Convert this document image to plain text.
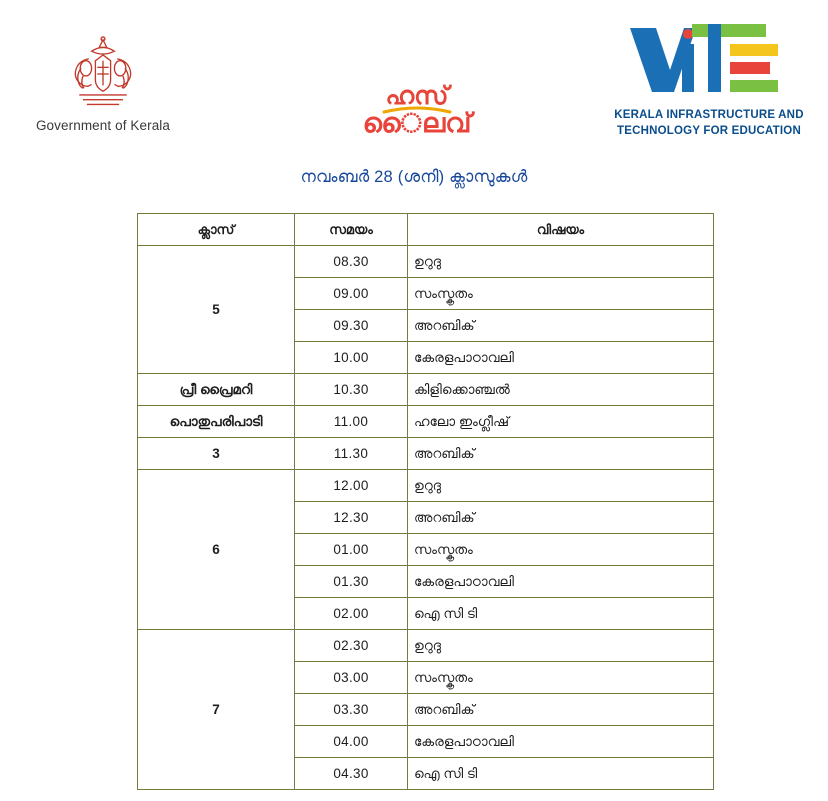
Government of Kerala
ഹസ്
ൈലവ്	KERALA INFRASTRUCTURE AND
TECHNOLOGY FOR EDUCATION
നവംബര്‍ 28 (ശനി) ക്ലാസുകള്‍
ക്ലാസ്	സമയം	വിഷയം
5	08.30	ഉറുദു
	09.00	സംസ്കൃതം
	09.30	അറബിക്
	10.00	കേരളപാഠാവലി
പ്രീ പ്രൈമറി	10.30	കിളിക്കൊഞ്ചൽ
പൊതുപരിപാടി	11.00	ഹലോ ഇംഗ്ലീഷ്
3	11.30	അറബിക്
6	12.00	ഉറുദു
	12.30	അറബിക്
	01.00	സംസ്കൃതം
	01.30	കേരളപാഠാവലി
	02.00	ഐ സി ടി
7	02.30	ഉറുദു
	03.00	സംസ്കൃതം
	03.30	അറബിക്
	04.00	കേരളപാഠാവലി
	04.30	ഐ സി ടി
